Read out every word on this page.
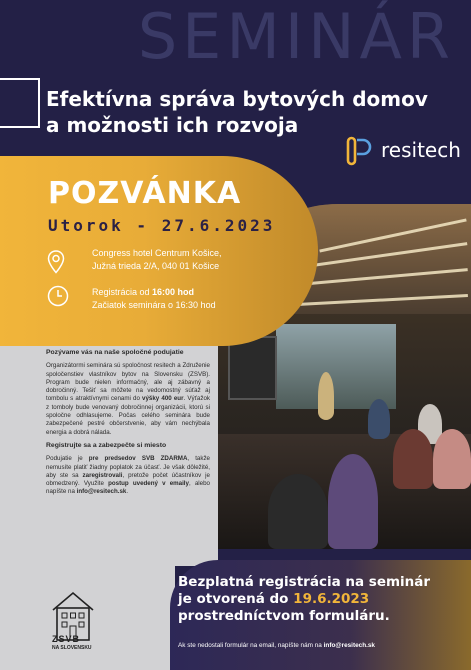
SEMINÁR
Efektívna správa bytových domov
a možnosti ich rozvoja
resitech
POZVÁNKA
Utorok - 27.6.2023
Congress hotel Centrum Košice,
Južná trieda 2/A, 040 01 Košice
Registrácia od 16:00 hod
Začiatok seminára o 16:30 hod
Pozývame vás na naše spoločné podujatie

Organizátormi seminára sú spoločnost resitech a Združenie spoločenstiev vlastníkov bytov na Slovensku (ZSVB). Program bude nielen informačný, ale aj zábavný a dobročinný. Tešiť sa môžete na vedomostný súťaž aj tombolu s atraktívnymi cenami do výšky 400 eur. Výťažok z tomboly bude venovaný dobročinnej organizácii, ktorú si spoločne odhlasujeme. Počas celého seminára bude zabezpečené pestré občerstvenie, aby vám nechýbala energia a dobrá nálada.

Registrujte sa a zabezpečte si miesto

Podujatie je pre predsedov SVB ZDARMA, takže nemusíte platiť žiadny poplatok za účasť. Je však dôležité, aby ste sa zaregistrovali, pretože počet účastníkov je obmedzený. Využite postup uvedený v emaily, alebo napíšte na info@resitech.sk.

ZSVB
NA SLOVENSKU
Bezplatná registrácia na seminár
je otvorená do 19.6.2023
prostredníctvom formuláru.
Ak ste nedostali formulár na email, napíšte nám na info@resitech.sk
